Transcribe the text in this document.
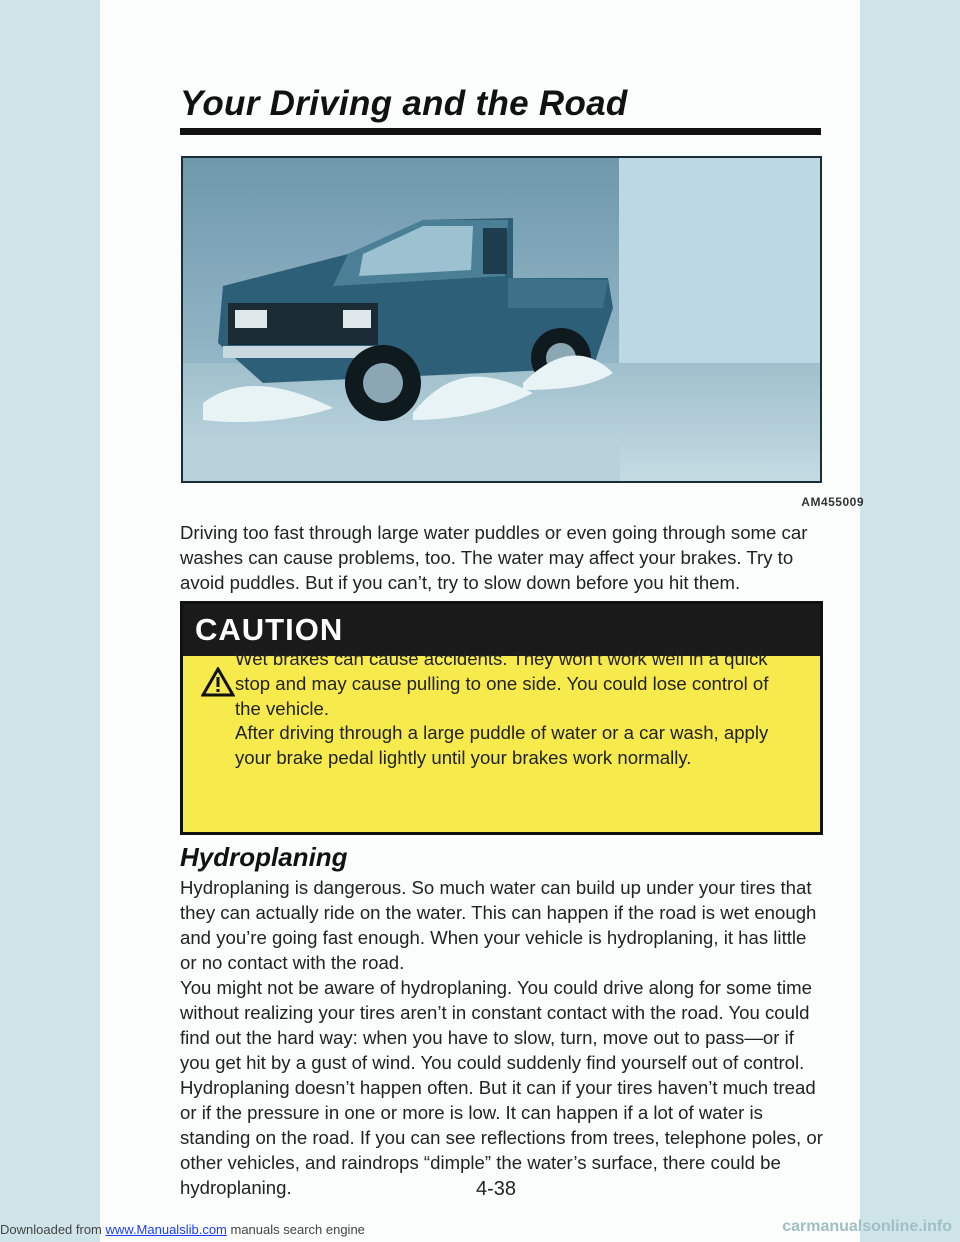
Your Driving and the Road
AM455009

Driving too fast through large water puddles or even going through some car washes can cause problems, too. The water may affect your brakes. Try to avoid puddles. But if you can’t, try to slow down before you hit them.

CAUTION

Wet brakes can cause accidents. They won’t work well in a quick stop and may cause pulling to one side. You could lose control of the vehicle.

After driving through a large puddle of water or a car wash, apply your brake pedal lightly until your brakes work normally.

Hydroplaning

Hydroplaning is dangerous. So much water can build up under your tires that they can actually ride on the water. This can happen if the road is wet enough and you’re going fast enough. When your vehicle is hydroplaning, it has little or no contact with the road.

You might not be aware of hydroplaning. You could drive along for some time without realizing your tires aren’t in constant contact with the road. You could find out the hard way: when you have to slow, turn, move out to pass—or if you get hit by a gust of wind. You could suddenly find yourself out of control.

Hydroplaning doesn’t happen often. But it can if your tires haven’t much tread or if the pressure in one or more is low. It can happen if a lot of water is standing on the road. If you can see reflections from trees, telephone poles, or other vehicles, and raindrops “dimple” the water’s surface, there could be hydroplaning.	4-38
Downloaded from www.Manualslib.com manuals search engine	carmanualsonline.info
